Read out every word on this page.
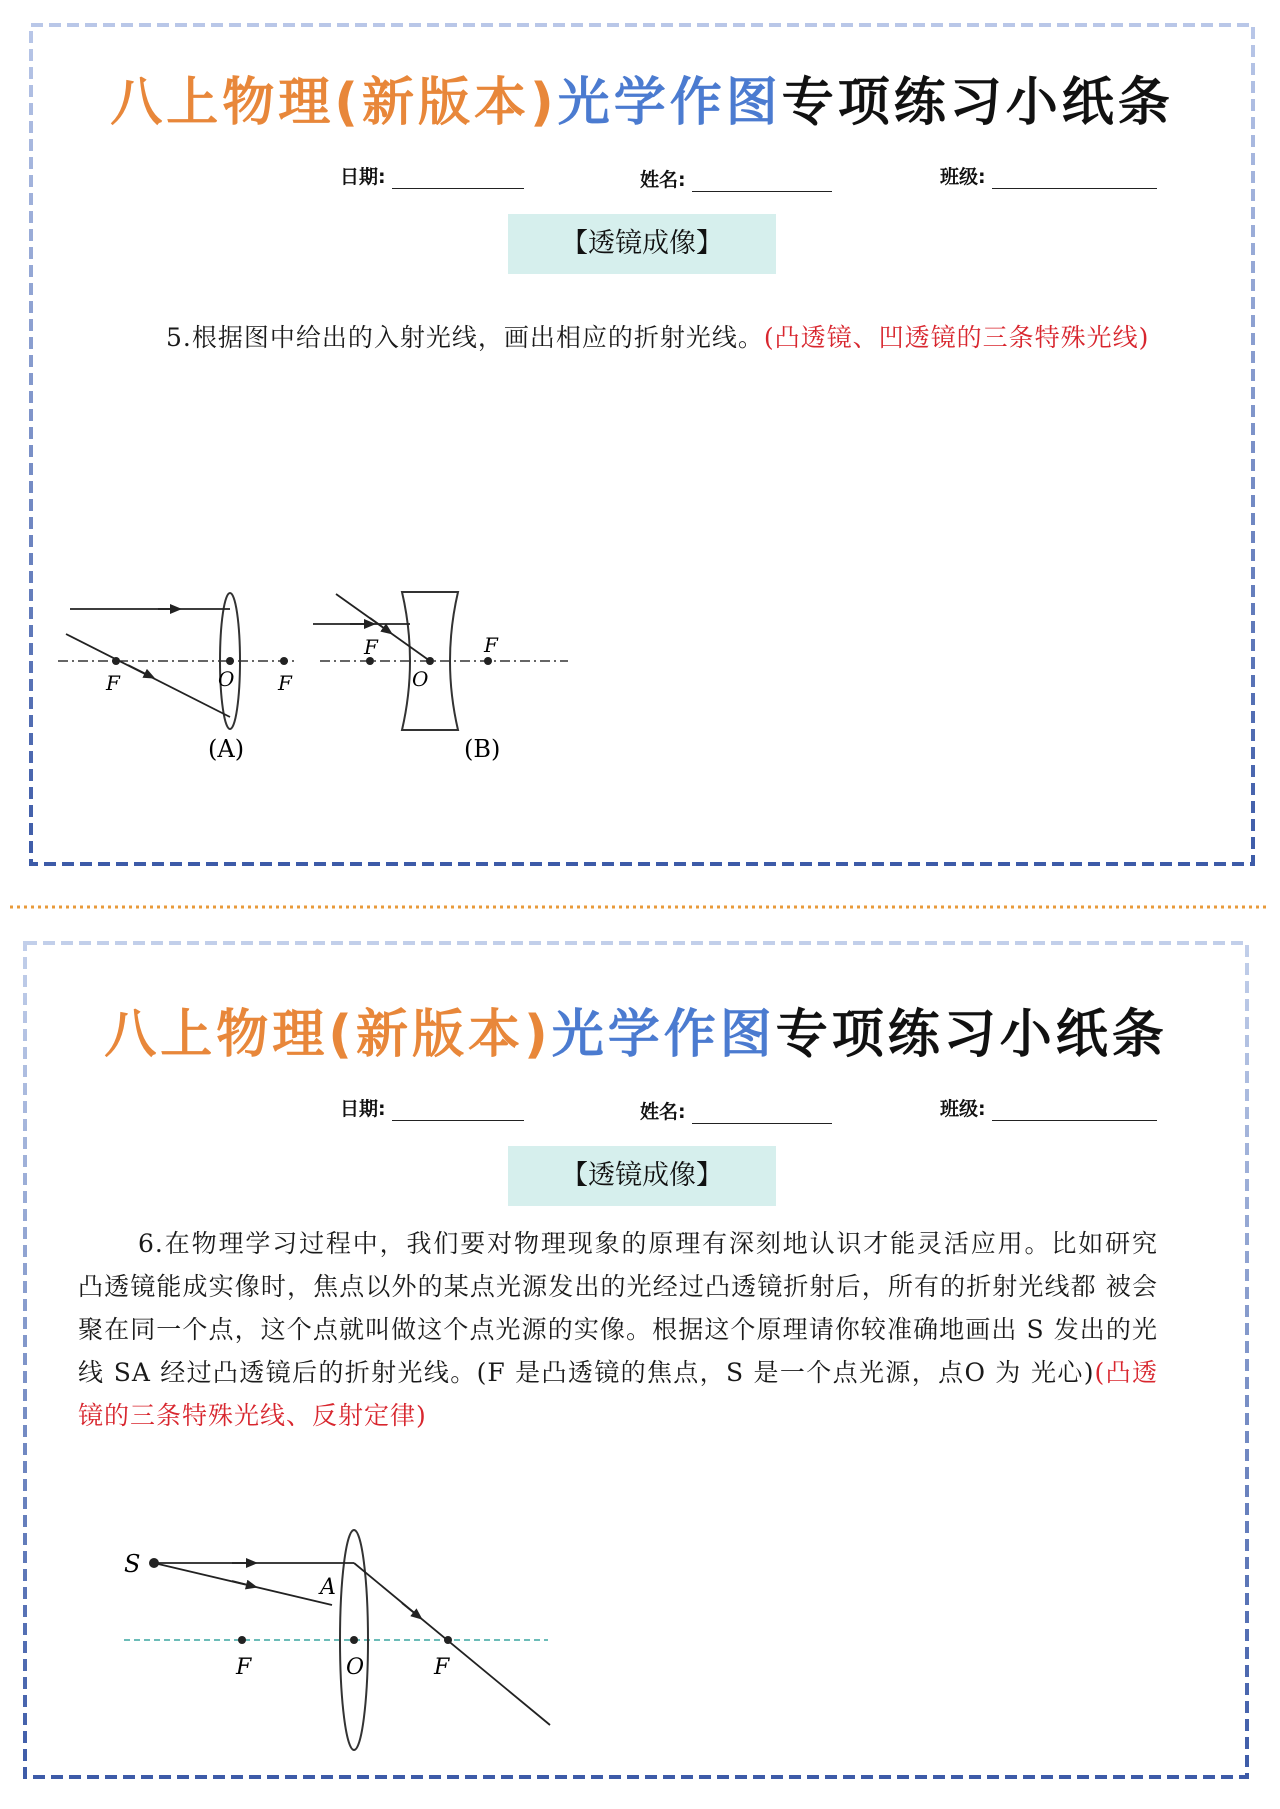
八上物理(新版本)光学作图专项练习小纸条
日期:	姓名:	班级:
【透镜成像】
5.根据图中给出的入射光线，画出相应的折射光线。(凸透镜、凹透镜的三条特殊光线)
F	O F
(A)
F
O
F
(B)
八上物理(新版本)光学作图专项练习小纸条
日期:	姓名:	班级:
【透镜成像】
6.在物理学习过程中，我们要对物理现象的原理有深刻地认识才能灵活应用。比如研究 凸透镜能成实像时，焦点以外的某点光源发出的光经过凸透镜折射后，所有的折射光线都 被会聚在同一个点，这个点就叫做这个点光源的实像。根据这个原理请你较准确地画出 S 发出的光线 SA 经过凸透镜后的折射光线。(F 是凸透镜的焦点，S 是一个点光源，点O 为 光心)(凸透镜的三条特殊光线、反射定律)
S
A
F	O	F
